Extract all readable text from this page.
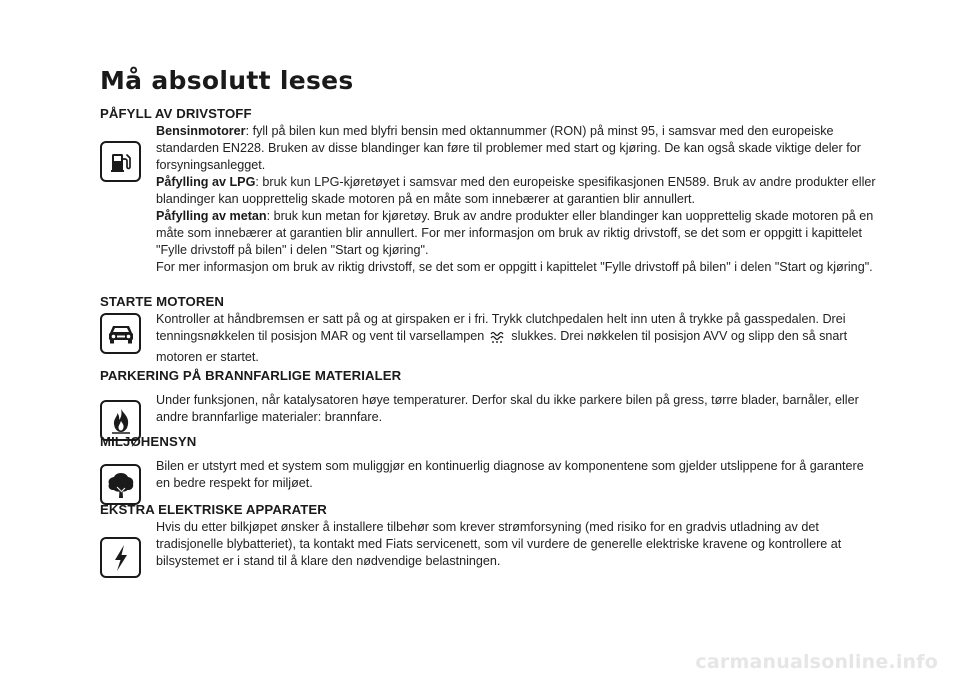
Må absolutt leses
PÅFYLL AV DRIVSTOFF

Bensinmotorer: fyll på bilen kun med blyfri bensin med oktannummer (RON) på minst 95, i samsvar med den europeiske standarden EN228. Bruken av disse blandinger kan føre til problemer med start og kjøring. De kan også skade viktige deler for forsyningsanlegget.

Påfylling av LPG: bruk kun LPG-kjøretøyet i samsvar med den europeiske spesifikasjonen EN589. Bruk av andre produkter eller blandinger kan uopprettelig skade motoren på en måte som innebærer at garantien blir annullert.

Påfylling av metan: bruk kun metan for kjøretøy. Bruk av andre produkter eller blandinger kan uopprettelig skade motoren på en måte som innebærer at garantien blir annullert. For mer informasjon om bruk av riktig drivstoff, se det som er oppgitt i kapittelet "Fylle drivstoff på bilen" i delen "Start og kjøring".

For mer informasjon om bruk av riktig drivstoff, se det som er oppgitt i kapittelet "Fylle drivstoff på bilen" i delen "Start og kjøring".

STARTE MOTOREN

Kontroller at håndbremsen er satt på og at girspaken er i fri. Trykk clutchpedalen helt inn uten å trykke på gasspedalen. Drei tenningsnøkkelen til posisjon MAR og vent til varsellampen  slukkes. Drei nøkkelen til posisjon AVV og slipp den så snart motoren er startet.

PARKERING PÅ BRANNFARLIGE MATERIALER

Under funksjonen, når katalysatoren høye temperaturer. Derfor skal du ikke parkere bilen på gress, tørre blader, barnåler, eller andre brannfarlige materialer: brannfare.

MILJØHENSYN

Bilen er utstyrt med et system som muliggjør en kontinuerlig diagnose av komponentene som gjelder utslippene for å garantere en bedre respekt for miljøet.

EKSTRA ELEKTRISKE APPARATER

Hvis du etter bilkjøpet ønsker å installere tilbehør som krever strømforsyning (med risiko for en gradvis utladning av det tradisjonelle blybatteriet), ta kontakt med Fiats servicenett, som vil vurdere de generelle elektriske kravene og kontrollere at bilsystemet er i stand til å klare den nødvendige belastningen.

carmanualsonline.info
